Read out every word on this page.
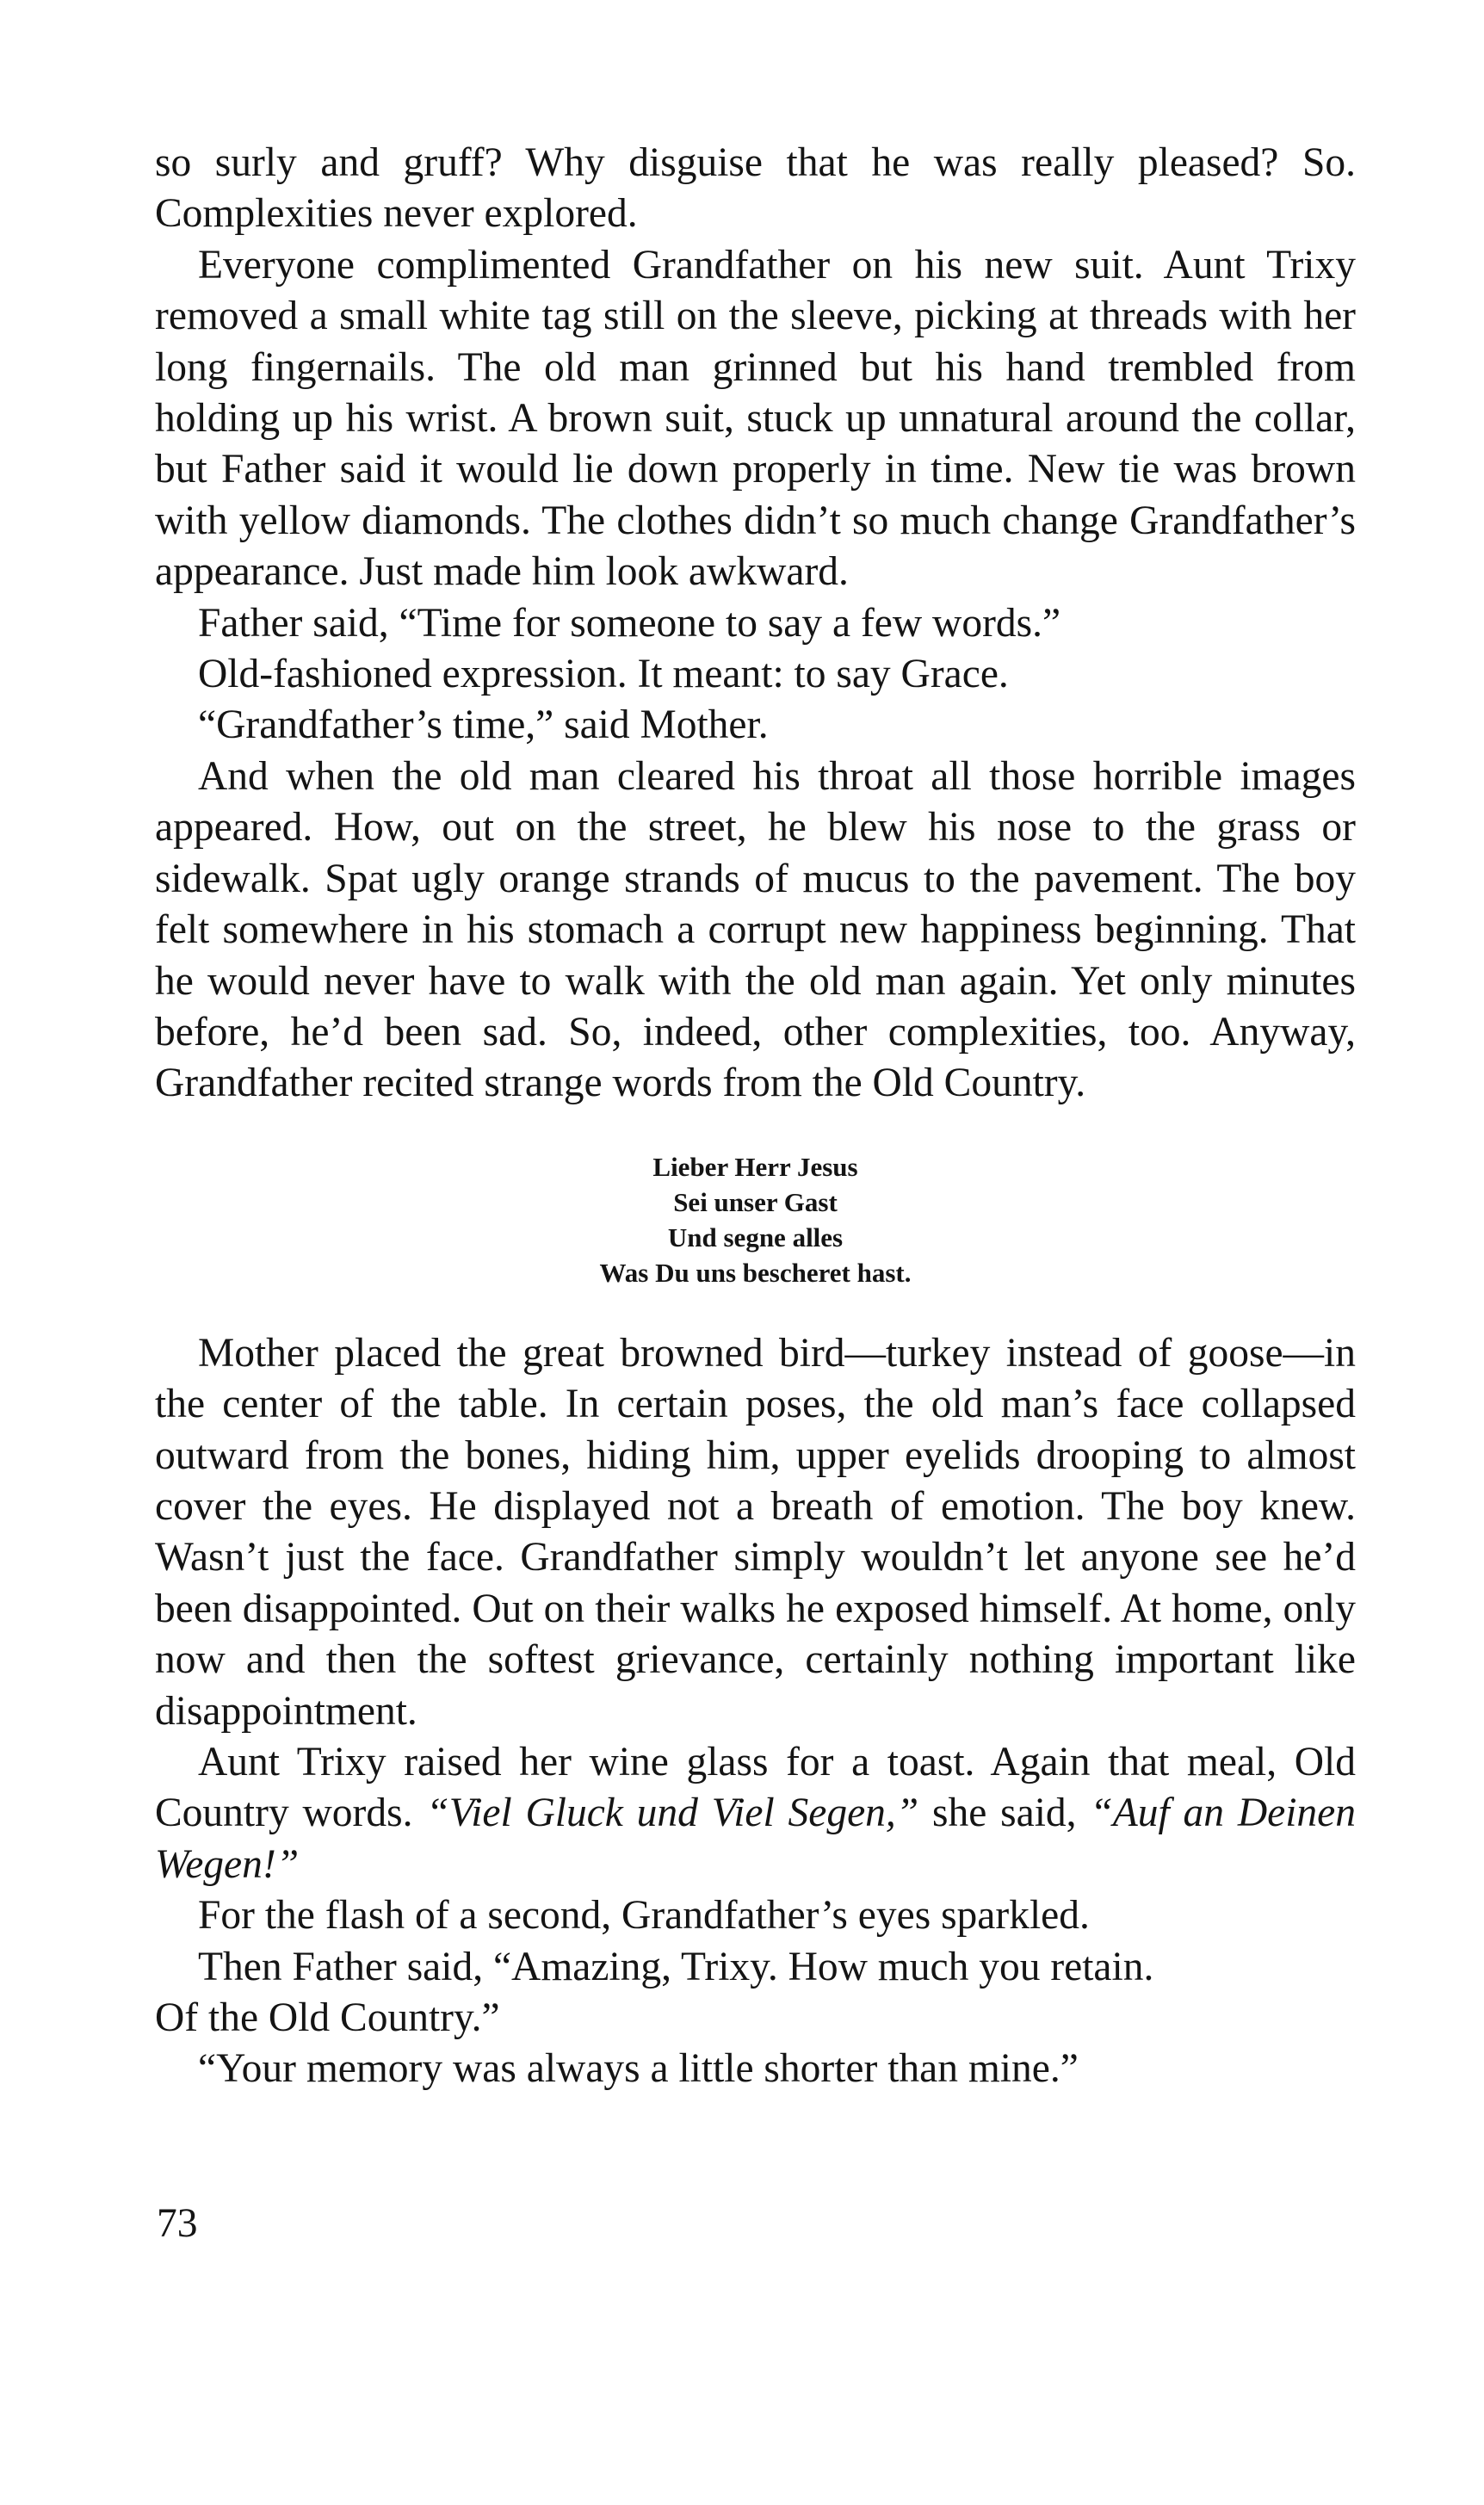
so surly and gruff? Why disguise that he was really pleased? So. Complexities never explored.

Everyone complimented Grandfather on his new suit. Aunt Trixy removed a small white tag still on the sleeve, picking at threads with her long fingernails. The old man grinned but his hand trembled from holding up his wrist. A brown suit, stuck up unnatural around the collar, but Father said it would lie down properly in time. New tie was brown with yellow diamonds. The clothes didn’t so much change Grandfather’s appearance. Just made him look awkward.

Father said, “Time for someone to say a few words.”

Old-fashioned expression. It meant: to say Grace.

“Grandfather’s time,” said Mother.

And when the old man cleared his throat all those horrible images appeared. How, out on the street, he blew his nose to the grass or sidewalk. Spat ugly orange strands of mucus to the pavement. The boy felt somewhere in his stomach a corrupt new happiness beginning. That he would never have to walk with the old man again. Yet only minutes before, he’d been sad. So, indeed, other complexities, too. Anyway, Grandfather recited strange words from the Old Country.

Lieber Herr Jesus
Sei unser Gast
Und segne alles
Was Du uns bescheret hast.

Mother placed the great browned bird—turkey instead of goose—in the center of the table. In certain poses, the old man’s face collapsed outward from the bones, hiding him, upper eyelids drooping to almost cover the eyes. He displayed not a breath of emotion. The boy knew. Wasn’t just the face. Grandfather simply wouldn’t let anyone see he’d been disappointed. Out on their walks he exposed himself. At home, only now and then the softest grievance, certainly nothing important like disappointment.

Aunt Trixy raised her wine glass for a toast. Again that meal, Old Country words. “Viel Gluck und Viel Segen,” she said, “Auf an Deinen Wegen!”

For the flash of a second, Grandfather’s eyes sparkled.

Then Father said, “Amazing, Trixy. How much you retain.

Of the Old Country.”

“Your memory was always a little shorter than mine.”

73
